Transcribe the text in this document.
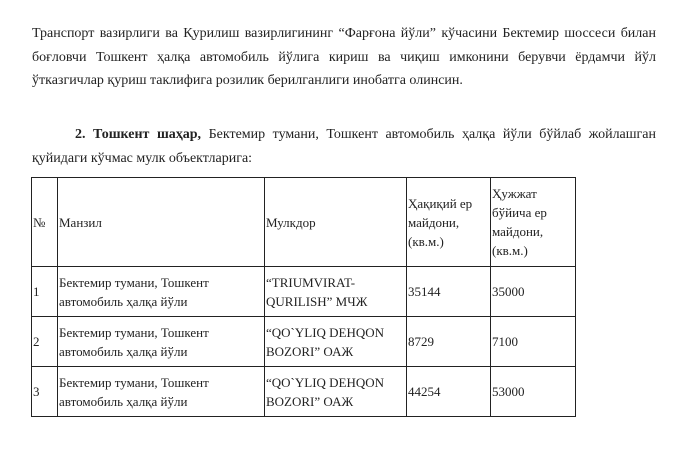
Транспорт вазирлиги ва Қурилиш вазирлигининг “Фарғона йўли” кўчасини Бектемир шоссеси билан боғловчи Тошкент ҳалқа автомобиль йўлига кириш ва чиқиш имконини берувчи ёрдамчи йўл ўтказгичлар қуриш таклифига розилик берилганлиги инобатга олинсин.

2. Тошкент шаҳар, Бектемир тумани, Тошкент автомобиль ҳалқа йўли бўйлаб жойлашган қуйидаги кўчмас мулк объектларига:

№	Манзил	Мулкдор	Ҳақиқий ер майдони, (кв.м.)	Ҳужжат бўйича ер майдони, (кв.м.)
1	Бектемир тумани, Тошкент автомобиль ҳалқа йўли	“TRIUMVIRAT-QURILISH” МЧЖ	35144	35000
2	Бектемир тумани, Тошкент автомобиль ҳалқа йўли	“QO`YLIQ DEHQON BOZORI” ОАЖ	8729	7100
3	Бектемир тумани, Тошкент автомобиль ҳалқа йўли	“QO`YLIQ DEHQON BOZORI” ОАЖ	44254	53000
